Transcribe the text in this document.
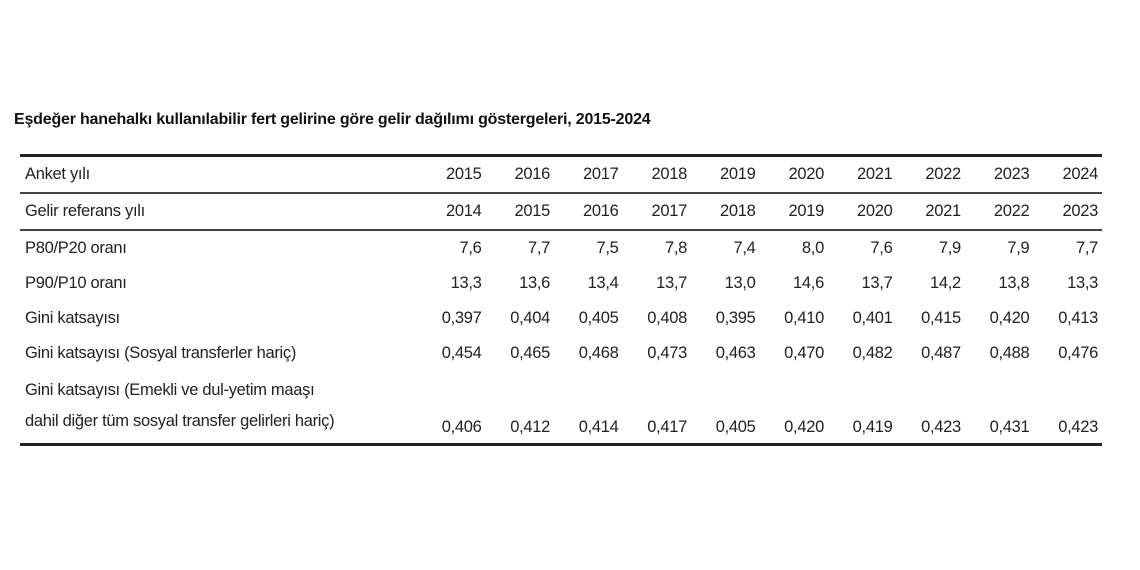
Eşdeğer hanehalkı kullanılabilir fert gelirine göre gelir dağılımı göstergeleri, 2015-2024
Anket yılı	2015	2016	2017	2018	2019	2020	2021	2022	2023	2024
Gelir referans yılı	2014	2015	2016	2017	2018	2019	2020	2021	2022	2023
P80/P20 oranı	7,6	7,7	7,5	7,8	7,4	8,0	7,6	7,9	7,9	7,7
P90/P10 oranı	13,3	13,6	13,4	13,7	13,0	14,6	13,7	14,2	13,8	13,3
Gini katsayısı	0,397	0,404	0,405	0,408	0,395	0,410	0,401	0,415	0,420	0,413
Gini katsayısı (Sosyal transferler hariç)	0,454	0,465	0,468	0,473	0,463	0,470	0,482	0,487	0,488	0,476
Gini katsayısı (Emekli ve dul-yetim maaşı
dahil diğer tüm sosyal transfer gelirleri hariç)	0,406	0,412	0,414	0,417	0,405	0,420	0,419	0,423	0,431	0,423
